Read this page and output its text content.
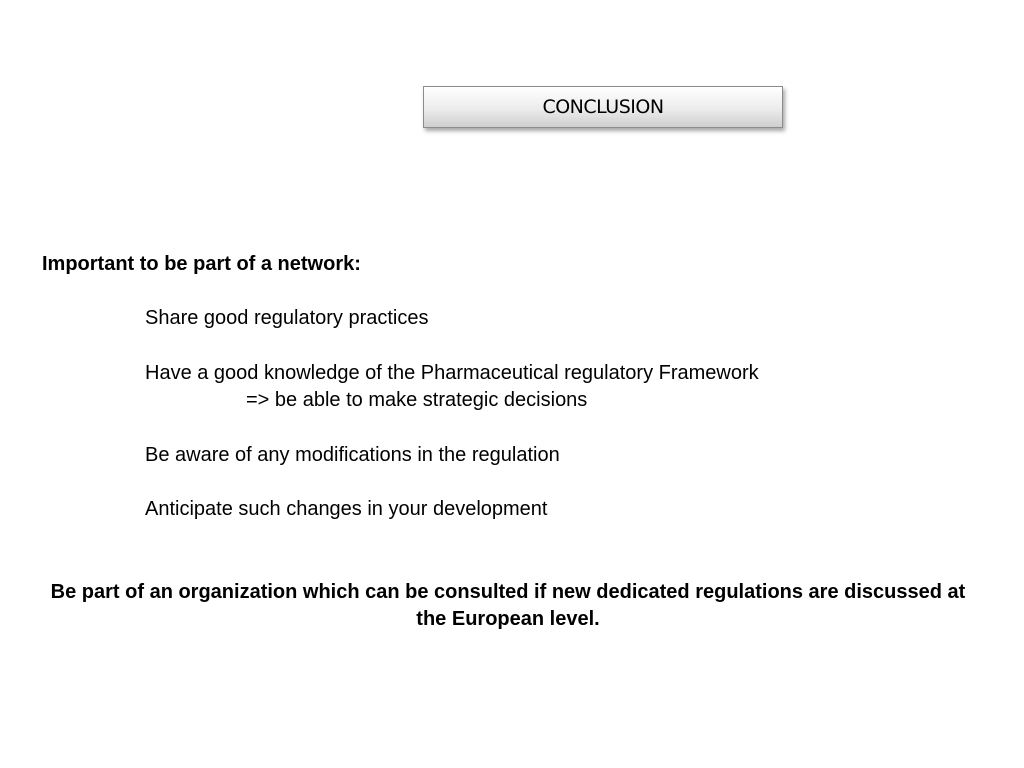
CONCLUSION
Important to be part of a network:
Share good regulatory practices
Have a good knowledge of the Pharmaceutical regulatory Framework
=> be able to make strategic decisions
Be aware of any modifications in the regulation
Anticipate such changes in your development
Be part of an organization which can be consulted if new dedicated regulations are discussed at the European level.
